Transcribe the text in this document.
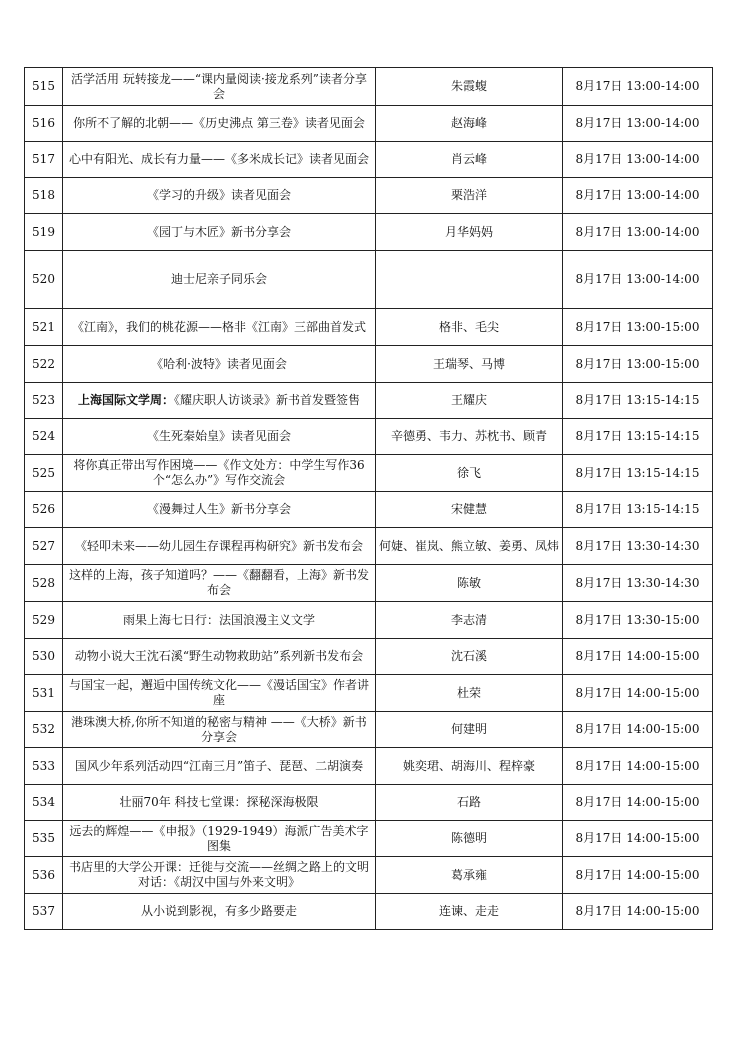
515	活学活用 玩转接龙——“课内量阅读·接龙系列”读者分享会	朱霞蝮	8月17日 13:00-14:00
516	你所不了解的北朝——《历史沸点 第三卷》读者见面会	赵海峰	8月17日 13:00-14:00
517	心中有阳光、成长有力量——《多米成长记》读者见面会	肖云峰	8月17日 13:00-14:00
518	《学习的升级》读者见面会	栗浩洋	8月17日 13:00-14:00
519	《园丁与木匠》新书分享会	月华妈妈	8月17日 13:00-14:00
520	迪士尼亲子同乐会		8月17日 13:00-14:00
521	《江南》，我们的桃花源——格非《江南》三部曲首发式	格非、毛尖	8月17日 13:00-15:00
522	《哈利·波特》读者见面会	王瑞琴、马博	8月17日 13:00-15:00
523	上海国际文学周：《耀庆职人访谈录》新书首发暨签售	王耀庆	8月17日 13:15-14:15
524	《生死秦始皇》读者见面会	辛德勇、韦力、苏枕书、顾青	8月17日 13:15-14:15
525	将你真正带出写作困境——《作文处方：中学生写作36个“怎么办”》写作交流会	徐飞	8月17日 13:15-14:15
526	《漫舞过人生》新书分享会	宋健慧	8月17日 13:15-14:15
527	《轻叩未来——幼儿园生存课程再构研究》新书发布会	何婕、崔岚、熊立敏、姜勇、凤炜	8月17日 13:30-14:30
528	这样的上海，孩子知道吗？——《翻翻看，上海》新书发布会	陈敏	8月17日 13:30-14:30
529	雨果上海七日行：法国浪漫主义文学	李志清	8月17日 13:30-15:00
530	动物小说大王沈石溪“野生动物救助站”系列新书发布会	沈石溪	8月17日 14:00-15:00
531	与国宝一起，邂逅中国传统文化——《漫话国宝》作者讲座	杜荣	8月17日 14:00-15:00
532	港珠澳大桥,你所不知道的秘密与精神 ——《大桥》新书分享会	何建明	8月17日 14:00-15:00
533	国风少年系列活动四“江南三月”笛子、琵琶、二胡演奏	姚奕珺、胡海川、程梓豪	8月17日 14:00-15:00
534	壮丽70年 科技七堂课：探秘深海极限	石路	8月17日 14:00-15:00
535	远去的辉煌——《申报》（1929-1949）海派广告美术字图集	陈德明	8月17日 14:00-15:00
536	书店里的大学公开课：迁徙与交流——丝绸之路上的文明对话：《胡汉中国与外来文明》	葛承雍	8月17日 14:00-15:00
537	从小说到影视，有多少路要走	连谏、走走	8月17日 14:00-15:00
